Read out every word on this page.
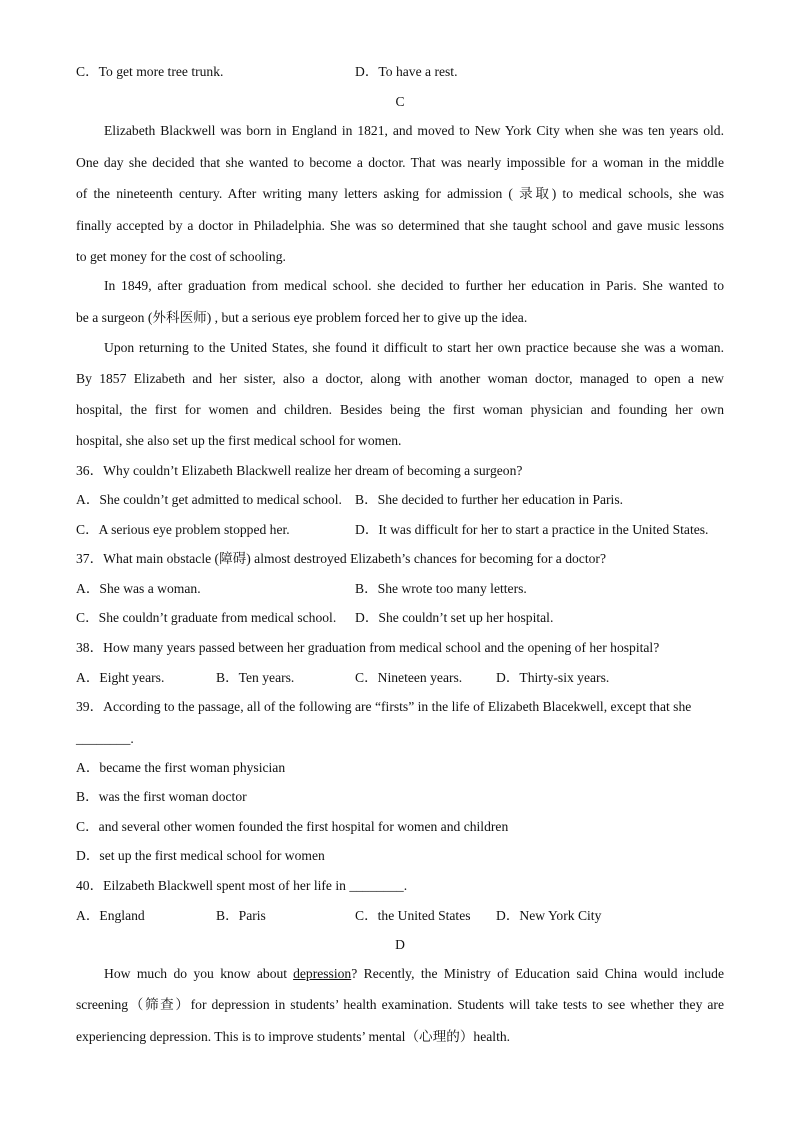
C．To get more tree trunk.	D．To have a rest.
C
Elizabeth Blackwell was born in England in 1821, and moved to New York City when she was ten years old.
One day she decided that she wanted to become a doctor. That was nearly impossible for a woman in the middle
of the nineteenth century. After writing many letters asking for admission ( 录取) to medical schools, she was
finally accepted by a doctor in Philadelphia. She was so determined that she taught school and gave music lessons
to get money for the cost of schooling.
In 1849, after graduation from medical school. she decided to further her education in Paris. She wanted to
be a surgeon (外科医师) , but a serious eye problem forced her to give up the idea.
Upon returning to the United States, she found it difficult to start her own practice because she was a woman.
By 1857 Elizabeth and her sister, also a doctor, along with another woman doctor, managed to open a new
hospital, the first for women and children. Besides being the first woman physician and founding her own
hospital, she also set up the first medical school for women.
36．Why couldn’t Elizabeth Blackwell realize her dream of becoming a surgeon?
A．She couldn’t get admitted to medical school. B．She decided to further her education in Paris.
C．A serious eye problem stopped her.	D．It was difficult for her to start a practice in the United States.
37．What main obstacle (障碍) almost destroyed Elizabeth’s chances for becoming for a doctor?
A．She was a woman.	B．She wrote too many letters.
C．She couldn’t graduate from medical school. D．She couldn’t set up her hospital.
38．How many years passed between her graduation from medical school and the opening of her hospital?
A．Eight years.	B．Ten years.	C．Nineteen years. D．Thirty-six years.
39．According to the passage, all of the following are “firsts” in the life of Elizabeth Blacekwell, except that she
________.
A．became the first woman physician
B．was the first woman doctor
C．and several other women founded the first hospital for women and children
D．set up the first medical school for women
40．Eilzabeth Blackwell spent most of her life in ________.
A．England	B．Paris	C．the United States D．New York City
D
How much do you know about depression? Recently, the Ministry of Education said China would include
screening（筛查）for depression in students’ health examination. Students will take tests to see whether they are
experiencing depression. This is to improve students’ mental（心理的）health.
